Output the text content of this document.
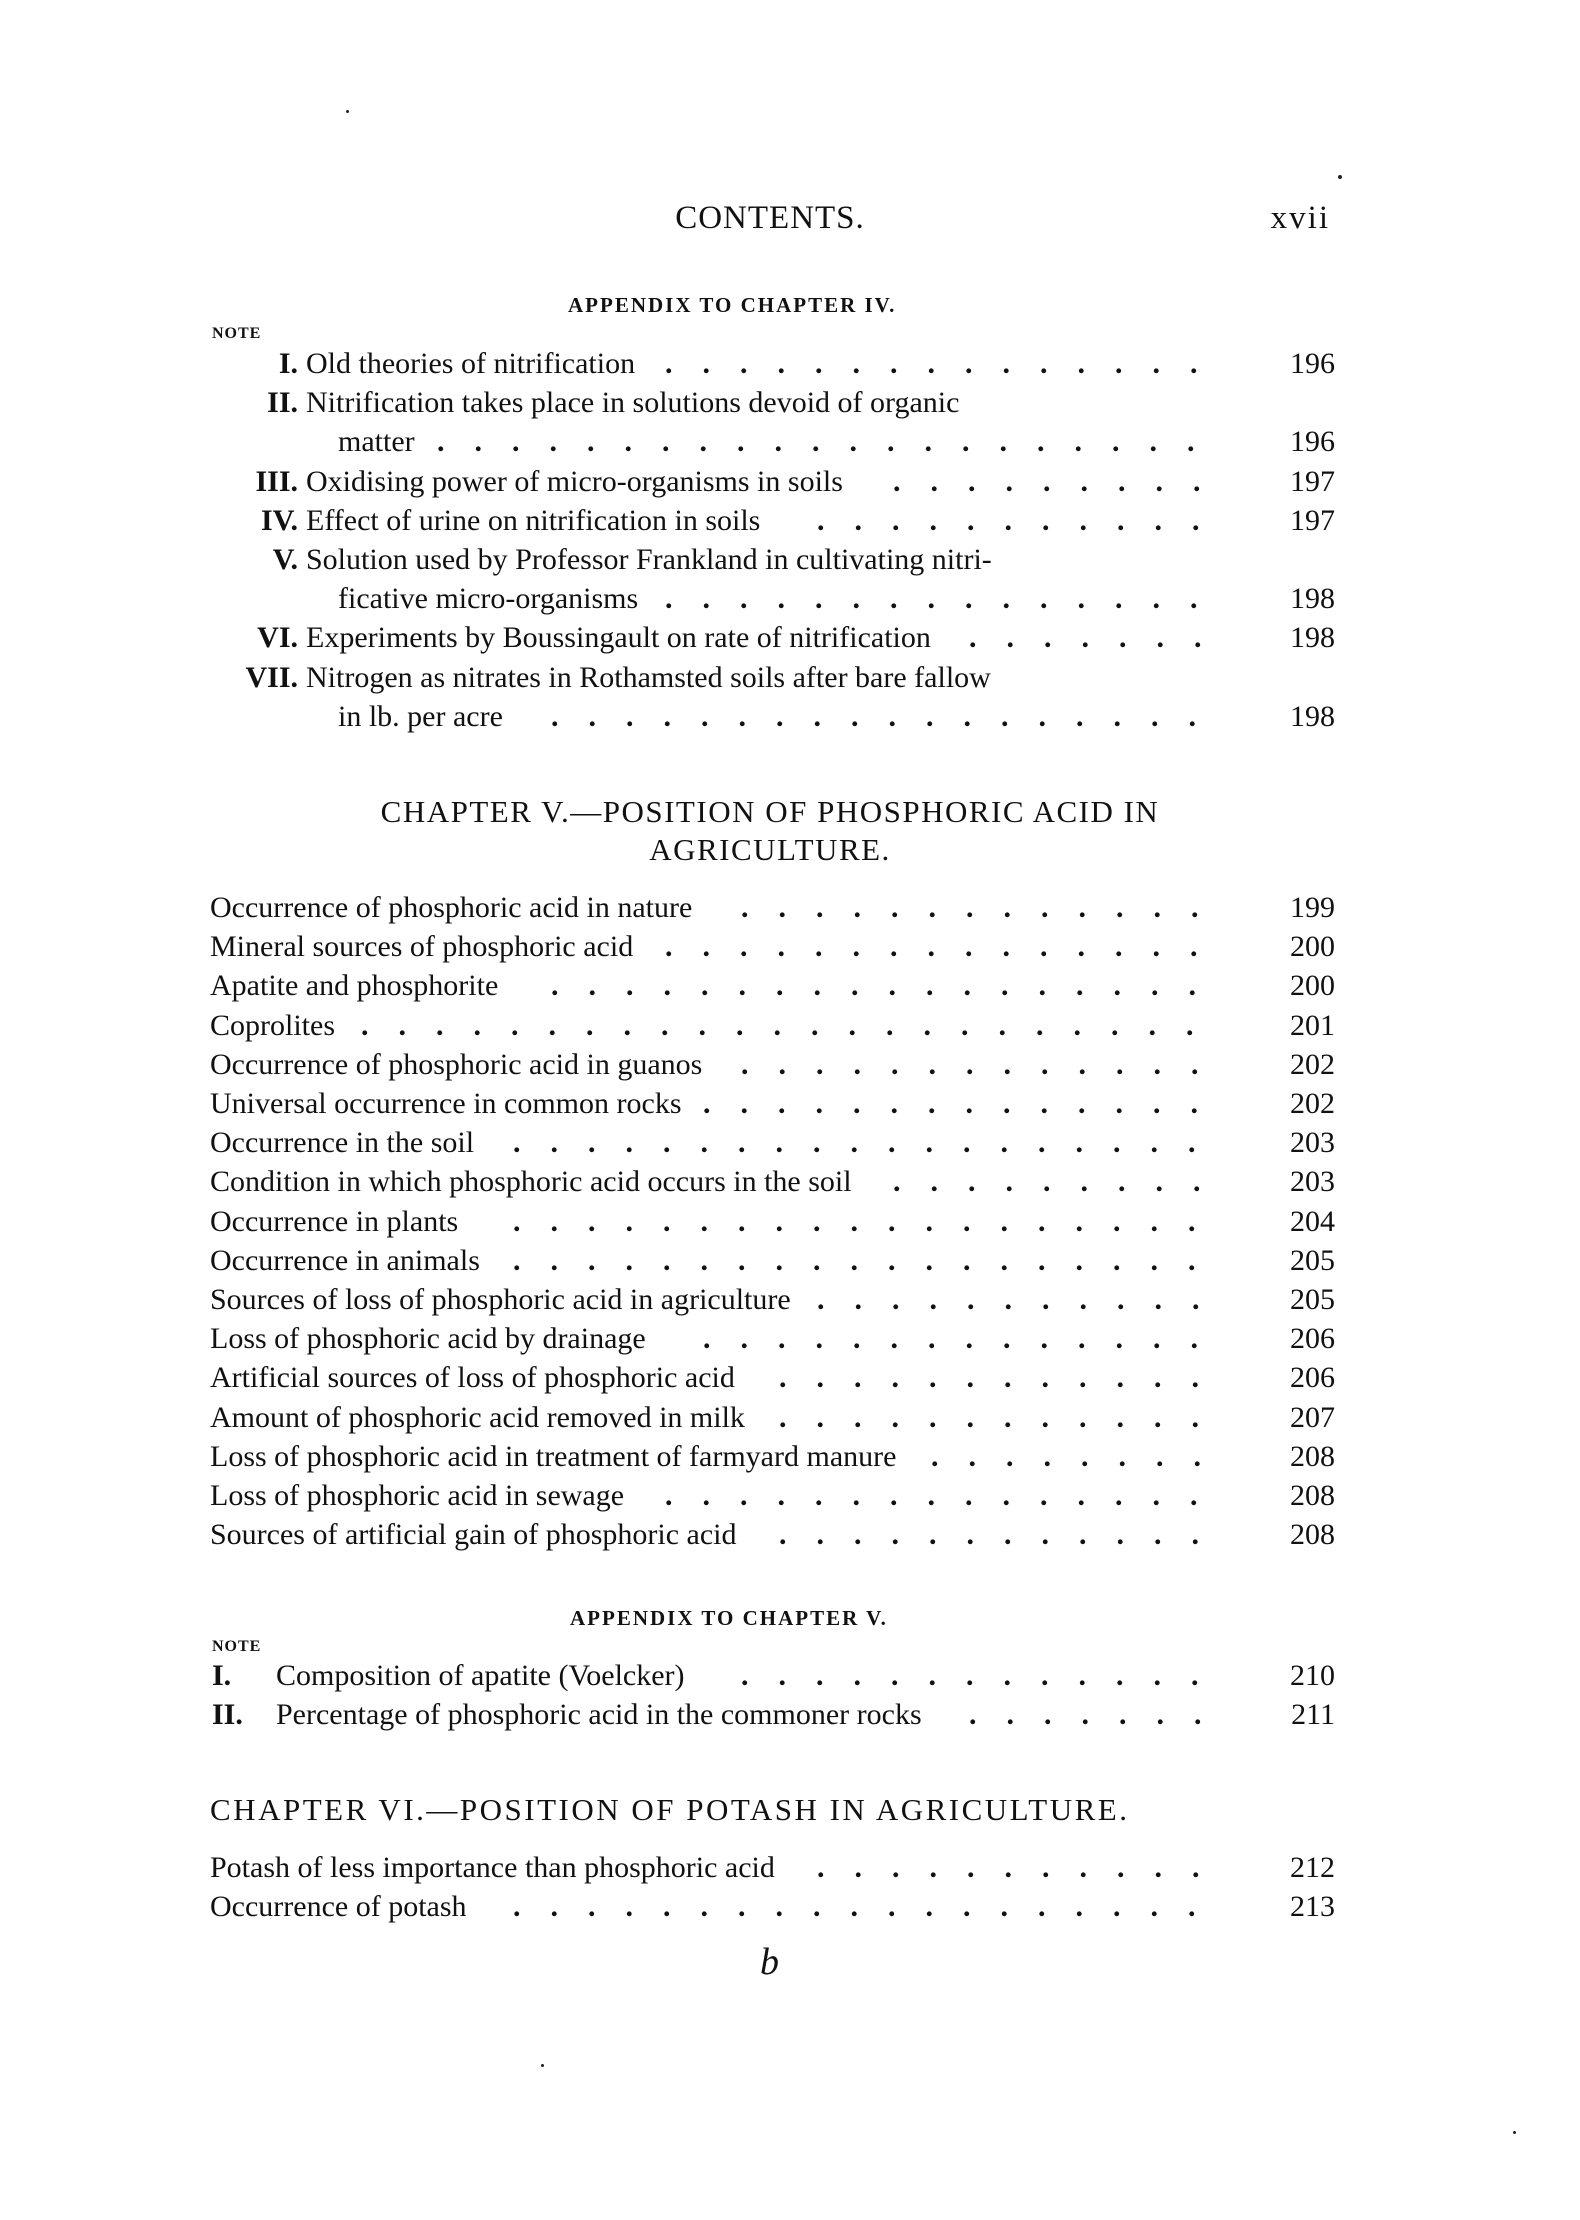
CONTENTS.	xvii
APPENDIX TO CHAPTER IV.
NOTE
I. Old theories of nitrification ............... 196
II. Nitrification takes place in solutions devoid of organic
matter ..................... 196
III. Oxidising power of micro-organisms in soils ......... 197
IV. Effect of urine on nitrification in soils ........... 197
V. Solution used by Professor Frankland in cultivating nitri-
ficative micro-organisms ............... 198
VI. Experiments by Boussingault on rate of nitrification ....... 198
VII. Nitrogen as nitrates in Rothamsted soils after bare fallow
in lb. per acre .................. 198
CHAPTER V.—POSITION OF PHOSPHORIC ACID IN
AGRICULTURE.
Occurrence of phosphoric acid in nature ............. 199
Mineral sources of phosphoric acid ............... 200
Apatite and phosphorite .................. 200
Coprolites ....................... 201
Occurrence of phosphoric acid in guanos ............. 202
Universal occurrence in common rocks .............. 202
Occurrence in the soil ................... 203
Condition in which phosphoric acid occurs in the soil ......... 203
Occurrence in plants ................... 204
Occurrence in animals ................... 205
Sources of loss of phosphoric acid in agriculture ........... 205
Loss of phosphoric acid by drainage .............. 206
Artificial sources of loss of phosphoric acid ............ 206
Amount of phosphoric acid removed in milk ............ 207
Loss of phosphoric acid in treatment of farmyard manure ........ 208
Loss of phosphoric acid in sewage ............... 208
Sources of artificial gain of phosphoric acid ............ 208
APPENDIX TO CHAPTER V.
NOTE
I. Composition of apatite (Voelcker) ............. 210
II. Percentage of phosphoric acid in the commoner rocks ....... 211
CHAPTER VI.—POSITION OF POTASH IN AGRICULTURE.
Potash of less importance than phosphoric acid ........... 212
Occurrence of potash ................... 213
b
